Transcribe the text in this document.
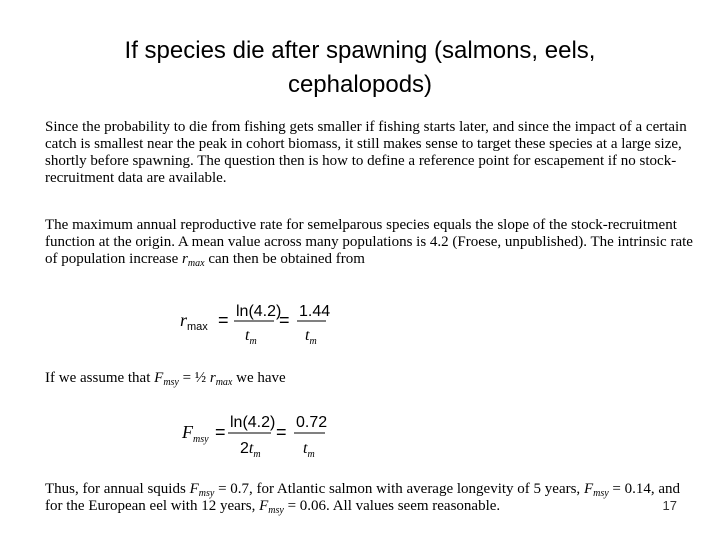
If species die after spawning (salmons, eels,
cephalopods)
Since the probability to die from fishing gets smaller if fishing starts later, and since the impact of a certain catch is smallest near the peak in cohort biomass, it still makes sense to target these species at a large size, shortly before spawning. The question then is how to define a reference point for escapement if no stock-recruitment data are available.
The maximum annual reproductive rate for semelparous species equals the slope of the stock-recruitment function at the origin. A mean value across many populations is 4.2 (Froese, unpublished). The intrinsic rate of population increase $r_{max}$ can then be obtained from
$r_{max} = \ln(4.2)$
$t_m$
= 1.44
$t_m$
If we assume that $F_{msy}$ = ½ $r_{max}$ we have
$F_{msy} = \ln(4.2)$
$2t_m$
= 0.72
$t_m$
Thus, for annual squids $F_{msy} = 0.7$, for Atlantic salmon with average longevity of 5 years, $F_{msy} = 0.14$, and for the European eel with 12 years, $F_{msy} = 0.06$. All values seem reasonable.	17
